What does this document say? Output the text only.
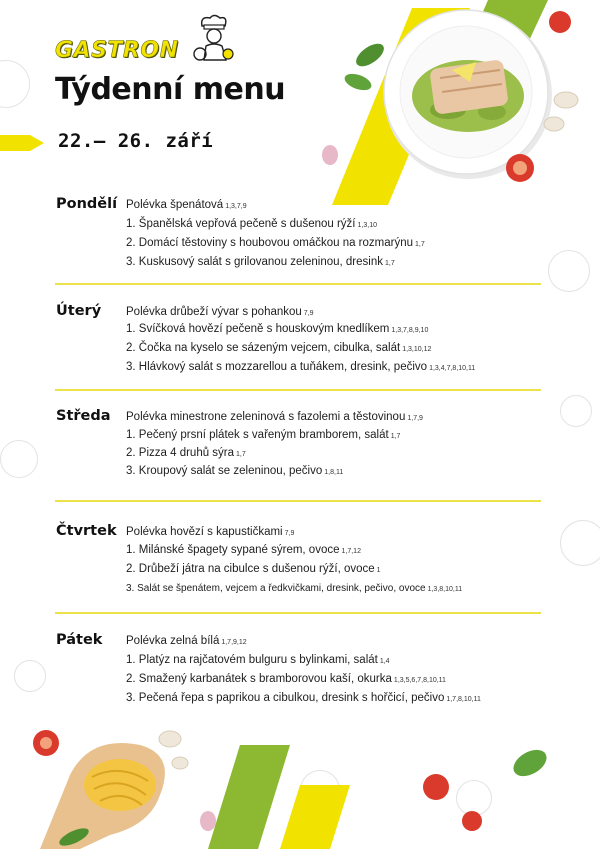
GASTRON
Týdenní menu
22.– 26. září
Pondělí Polévka špenátová 1,3,7,9
1. Španělská vepřová pečeně s dušenou rýží 1,3,10
2. Domácí těstoviny s houbovou omáčkou na rozmarýnu 1,7
3. Kuskusový salát s grilovanou zeleninou, dresink 1,7
Úterý Polévka drůbeží vývar s pohankou 7,9
1. Svíčková hovězí pečeně s houskovým knedlíkem 1,3,7,8,9,10
2. Čočka na kyselo se sázeným vejcem, cibulka, salát 1,3,10,12
3. Hlávkový salát s mozzarellou a tuňákem, dresink, pečivo 1,3,4,7,8,10,11
Středa Polévka minestrone zeleninová s fazolemi a těstovinou 1,7,9
1. Pečený prsní plátek s vařeným bramborem, salát 1,7
2. Pizza 4 druhů sýra 1,7
3. Kroupový salát se zeleninou, pečivo 1,8,11
Čtvrtek Polévka hovězí s kapustičkami 7,9
1. Milánské špagety sypané sýrem, ovoce 1,7,12
2. Drůbeží játra na cibulce s dušenou rýží, ovoce 1
3. Salát se špenátem, vejcem a ředkvičkami, dresink, pečivo, ovoce 1,3,8,10,11
Pátek Polévka zelná bílá 1,7,9,12
1. Platýz na rajčatovém bulguru s bylinkami, salát 1,4
2. Smažený karbanátek s bramborovou kaší, okurka 1,3,5,6,7,8,10,11
3. Pečená řepa s paprikou a cibulkou, dresink s hořčicí, pečivo 1,7,8,10,11
